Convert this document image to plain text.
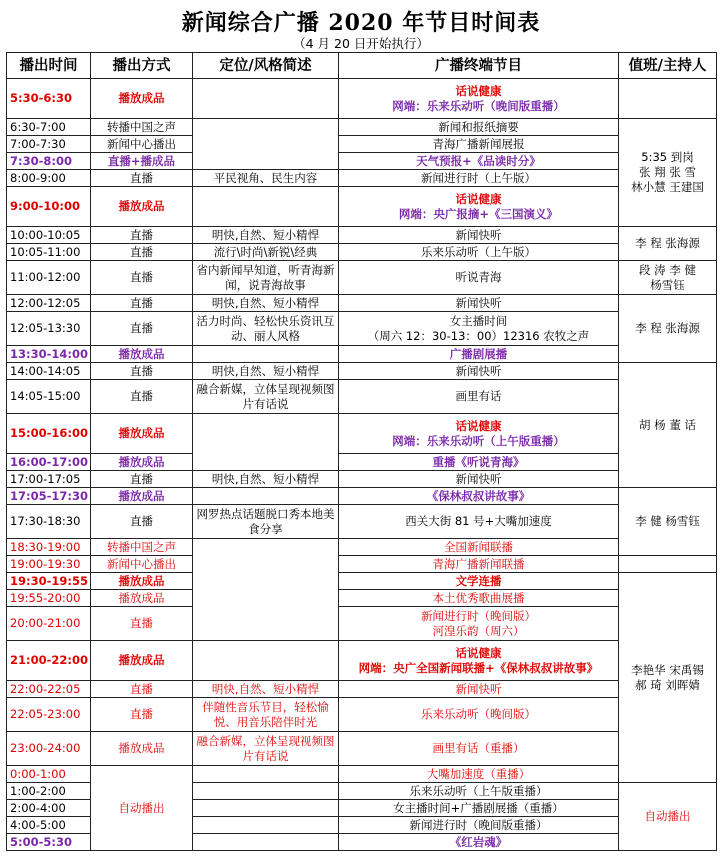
新闻综合广播 2020 年节目时间表
（4 月 20 日开始执行）
播出时间	播出方式	定位/风格简述	广播终端节目	值班/主持人
5:30-6:30	播放成品		话说健康
网端：乐来乐动听（晚间版重播）	

6:30-7:00	转播中国之声		新闻和报纸摘要	5:35 到岗
张 翔 张 雪
林小慧 王建国
7:00-7:30	新闻中心播出		青海广播新闻展报	

7:30-8:00	直播+播成品		天气预报+《品读时分》	

8:00-9:00	直播	平民视角、民生内容	新闻进行时（上午版）	

9:00-10:00	播放成品		话说健康
网端：央广报摘+《三国演义》	

10:00-10:05	直播	明快,自然、短小精悍	新闻快听	李 程 张海源
10:05-11:00	直播	流行\时尚\新锐\经典	乐来乐动听（上午版）	

11:00-12:00	直播	省内新闻早知道，听青海新闻，说青海故事	听说青海	段 涛 李 健
杨雪钰
12:00-12:05	直播	明快,自然、短小精悍	新闻快听	李 程 张海源
12:05-13:30	直播	活力时尚、轻松快乐资讯互动、丽人风格	女主播时间
（周六 12：30-13：00）12316 农牧之声	

13:30-14:00	播放成品		广播剧展播	

14:00-14:05	直播	明快,自然、短小精悍	新闻快听	胡 杨 董 话
14:05-15:00	直播	融合新媒，立体呈现视频图片有话说	画里有话	

15:00-16:00	播放成品		话说健康
网端：乐来乐动听（上午版重播）	

16:00-17:00	播放成品		重播《听说青海》	

17:00-17:05	直播	明快,自然、短小精悍	新闻快听	

17:05-17:30	播放成品		《保林叔叔讲故事》	李 健 杨雪钰
17:30-18:30	直播	网罗热点话题脱口秀本地美食分享	西关大街 81 号+大嘴加速度	

18:30-19:00	转播中国之声		全国新闻联播	

19:00-19:30	新闻中心播出		青海广播新闻联播	

19:30-19:55	播放成品		文学连播	李艳华 宋禹锡
郝 琦 刘晖婧
19:55-20:00	播放成品		本土优秀歌曲展播	

20:00-21:00	直播		新闻进行时（晚间版）
河湟乐韵（周六）	

21:00-22:00	播放成品		话说健康
网端：央广全国新闻联播+《保林叔叔讲故事》	

22:00-22:05	直播	明快,自然、短小精悍	新闻快听	

22:05-23:00	直播	伴随性音乐节目，轻松愉悦、用音乐陪伴时光	乐来乐动听（晚间版）	

23:00-24:00	播放成品	融合新媒，立体呈现视频图片有话说	画里有话（重播）	

0:00-1:00	自动播出		大嘴加速度（重播）	

1:00-2:00			乐来乐动听（上午版重播）	自动播出
2:00-4:00			女主播时间+广播剧展播（重播）	

4:00-5:00			新闻进行时（晚间版重播）	

5:00-5:30			《红岩魂》	
